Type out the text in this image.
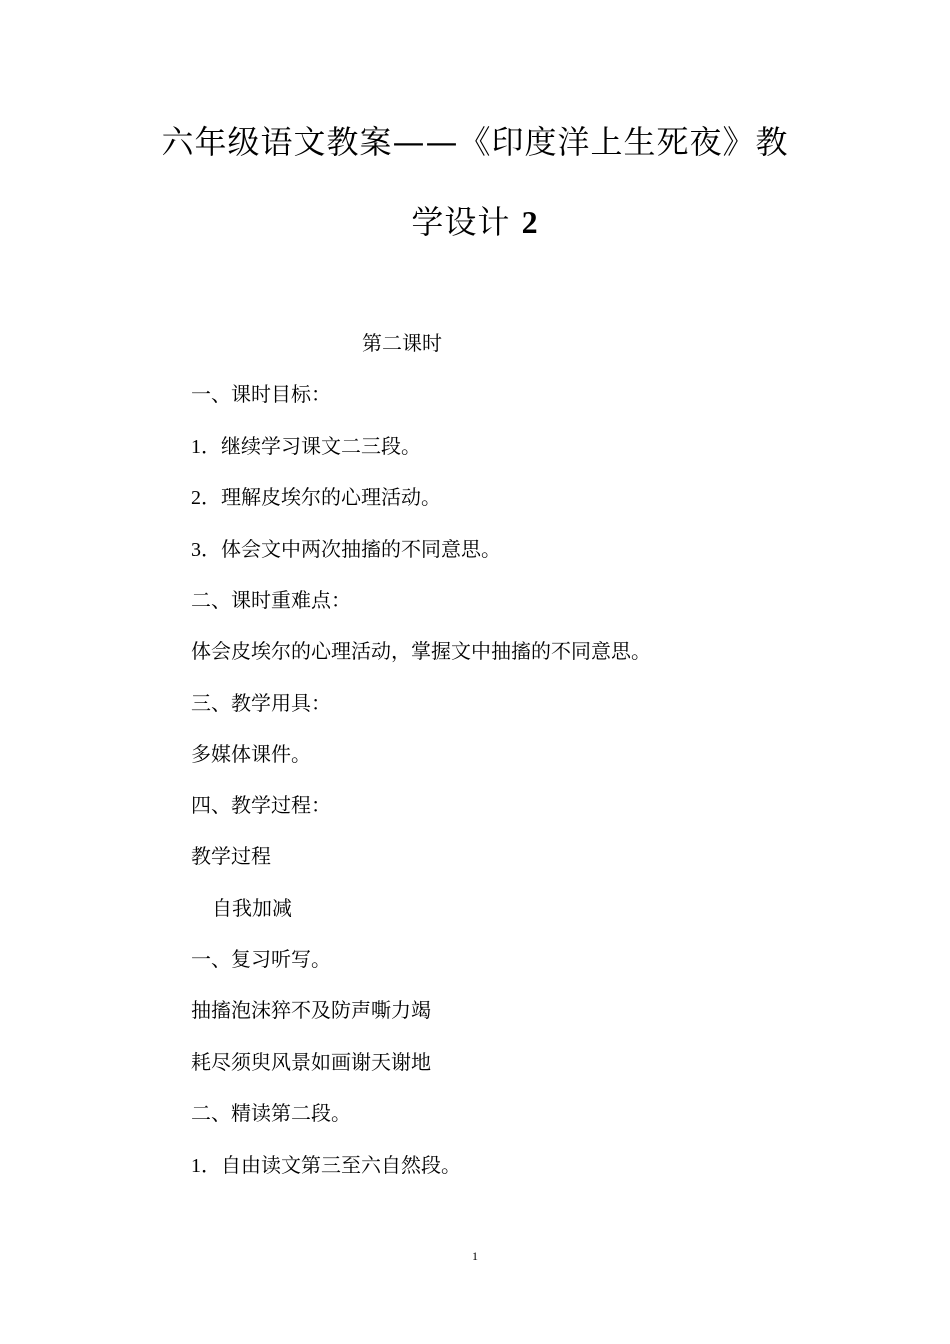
六年级语文教案——《印度洋上生死夜》教
学设计 2
第二课时
一、课时目标：
1．继续学习课文二三段。
2．理解皮埃尔的心理活动。
3．体会文中两次抽搐的不同意思。
二、课时重难点：
体会皮埃尔的心理活动，掌握文中抽搐的不同意思。
三、教学用具：
多媒体课件。
四、教学过程：
教学过程
自我加减
一、复习听写。
抽搐泡沫猝不及防声嘶力竭
耗尽须臾风景如画谢天谢地
二、精读第二段。
1．自由读文第三至六自然段。
1
